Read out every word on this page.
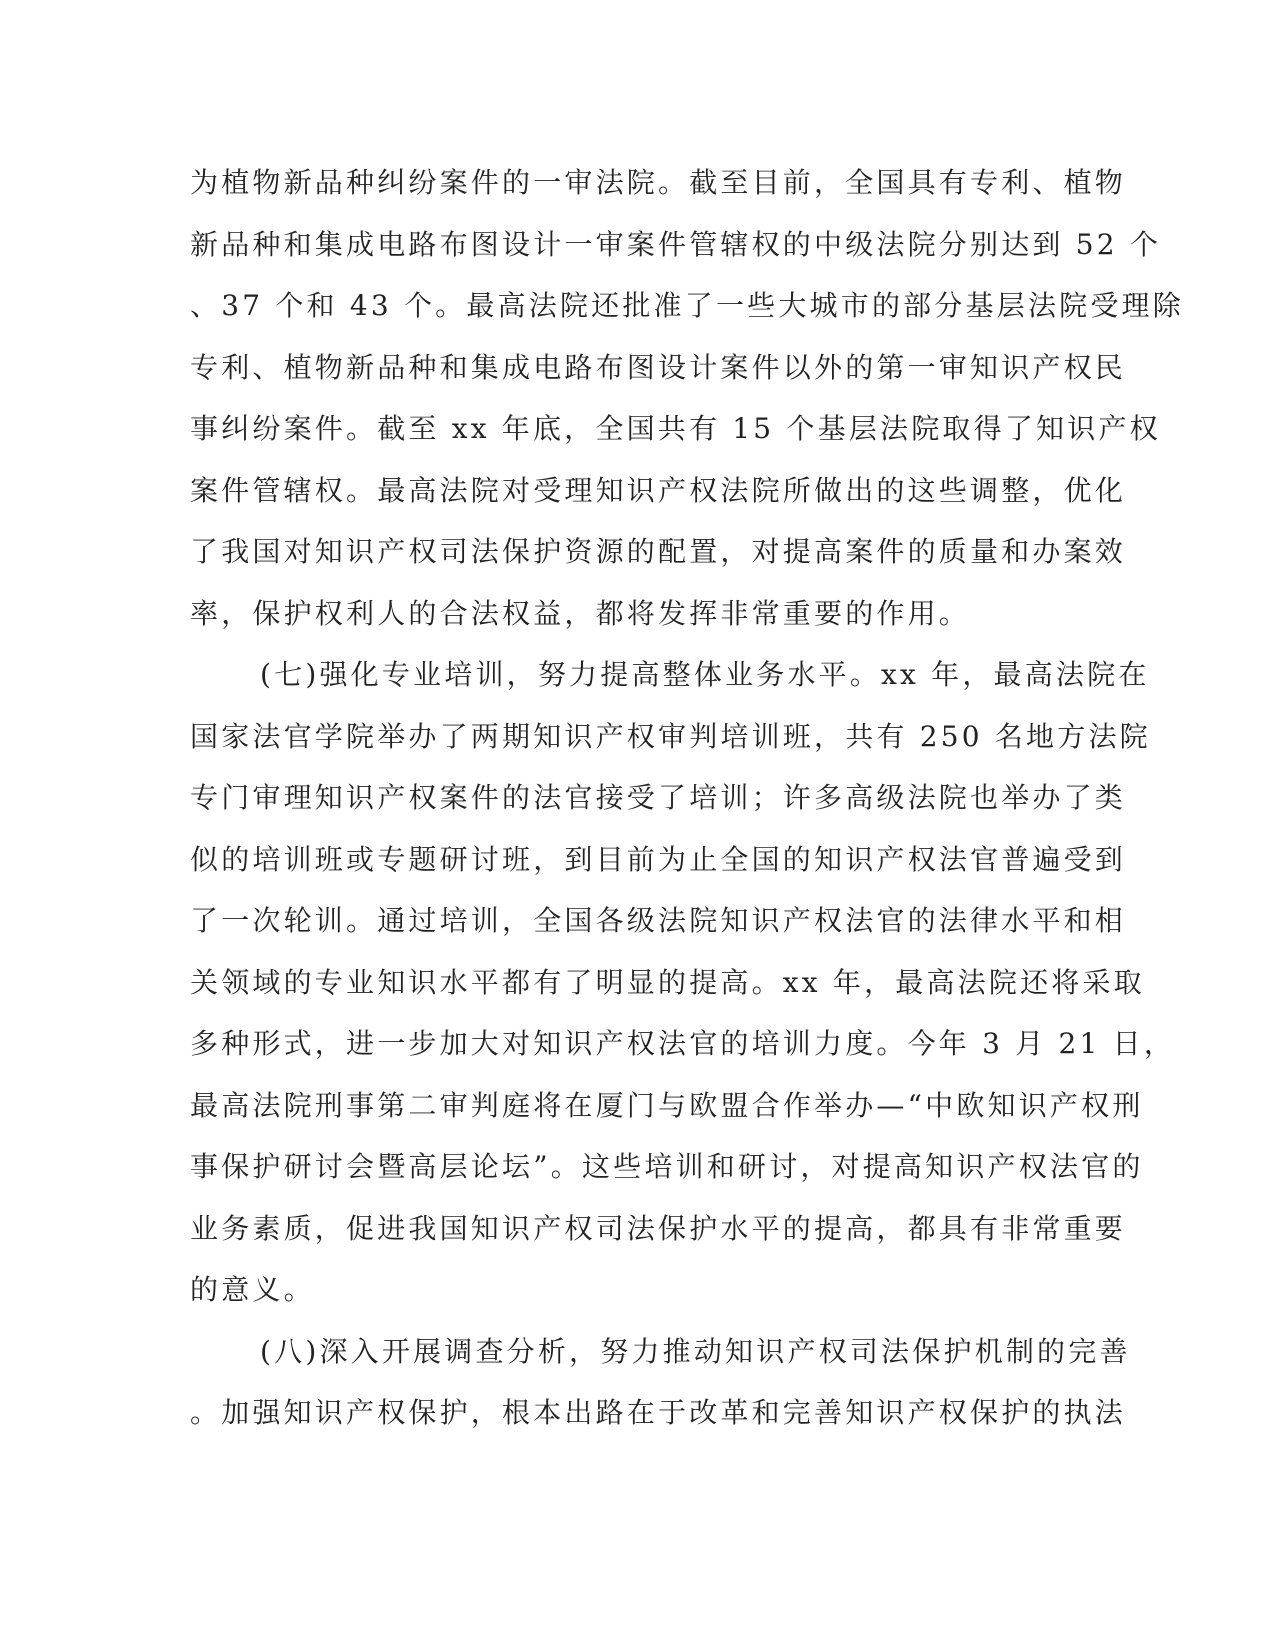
为植物新品种纠纷案件的一审法院。截至目前，全国具有专利、植物
新品种和集成电路布图设计一审案件管辖权的中级法院分别达到 52 个
、37 个和 43 个。最高法院还批准了一些大城市的部分基层法院受理除
专利、植物新品种和集成电路布图设计案件以外的第一审知识产权民
事纠纷案件。截至 xx 年底，全国共有 15 个基层法院取得了知识产权
案件管辖权。最高法院对受理知识产权法院所做出的这些调整，优化
了我国对知识产权司法保护资源的配置，对提高案件的质量和办案效
率，保护权利人的合法权益，都将发挥非常重要的作用。
(七)强化专业培训，努力提高整体业务水平。xx 年，最高法院在
国家法官学院举办了两期知识产权审判培训班，共有 250 名地方法院
专门审理知识产权案件的法官接受了培训；许多高级法院也举办了类
似的培训班或专题研讨班，到目前为止全国的知识产权法官普遍受到
了一次轮训。通过培训，全国各级法院知识产权法官的法律水平和相
关领域的专业知识水平都有了明显的提高。xx 年，最高法院还将采取
多种形式，进一步加大对知识产权法官的培训力度。今年 3 月 21 日，
最高法院刑事第二审判庭将在厦门与欧盟合作举办—“中欧知识产权刑
事保护研讨会暨高层论坛”。这些培训和研讨，对提高知识产权法官的
业务素质，促进我国知识产权司法保护水平的提高，都具有非常重要
的意义。
(八)深入开展调查分析，努力推动知识产权司法保护机制的完善
。加强知识产权保护，根本出路在于改革和完善知识产权保护的执法
